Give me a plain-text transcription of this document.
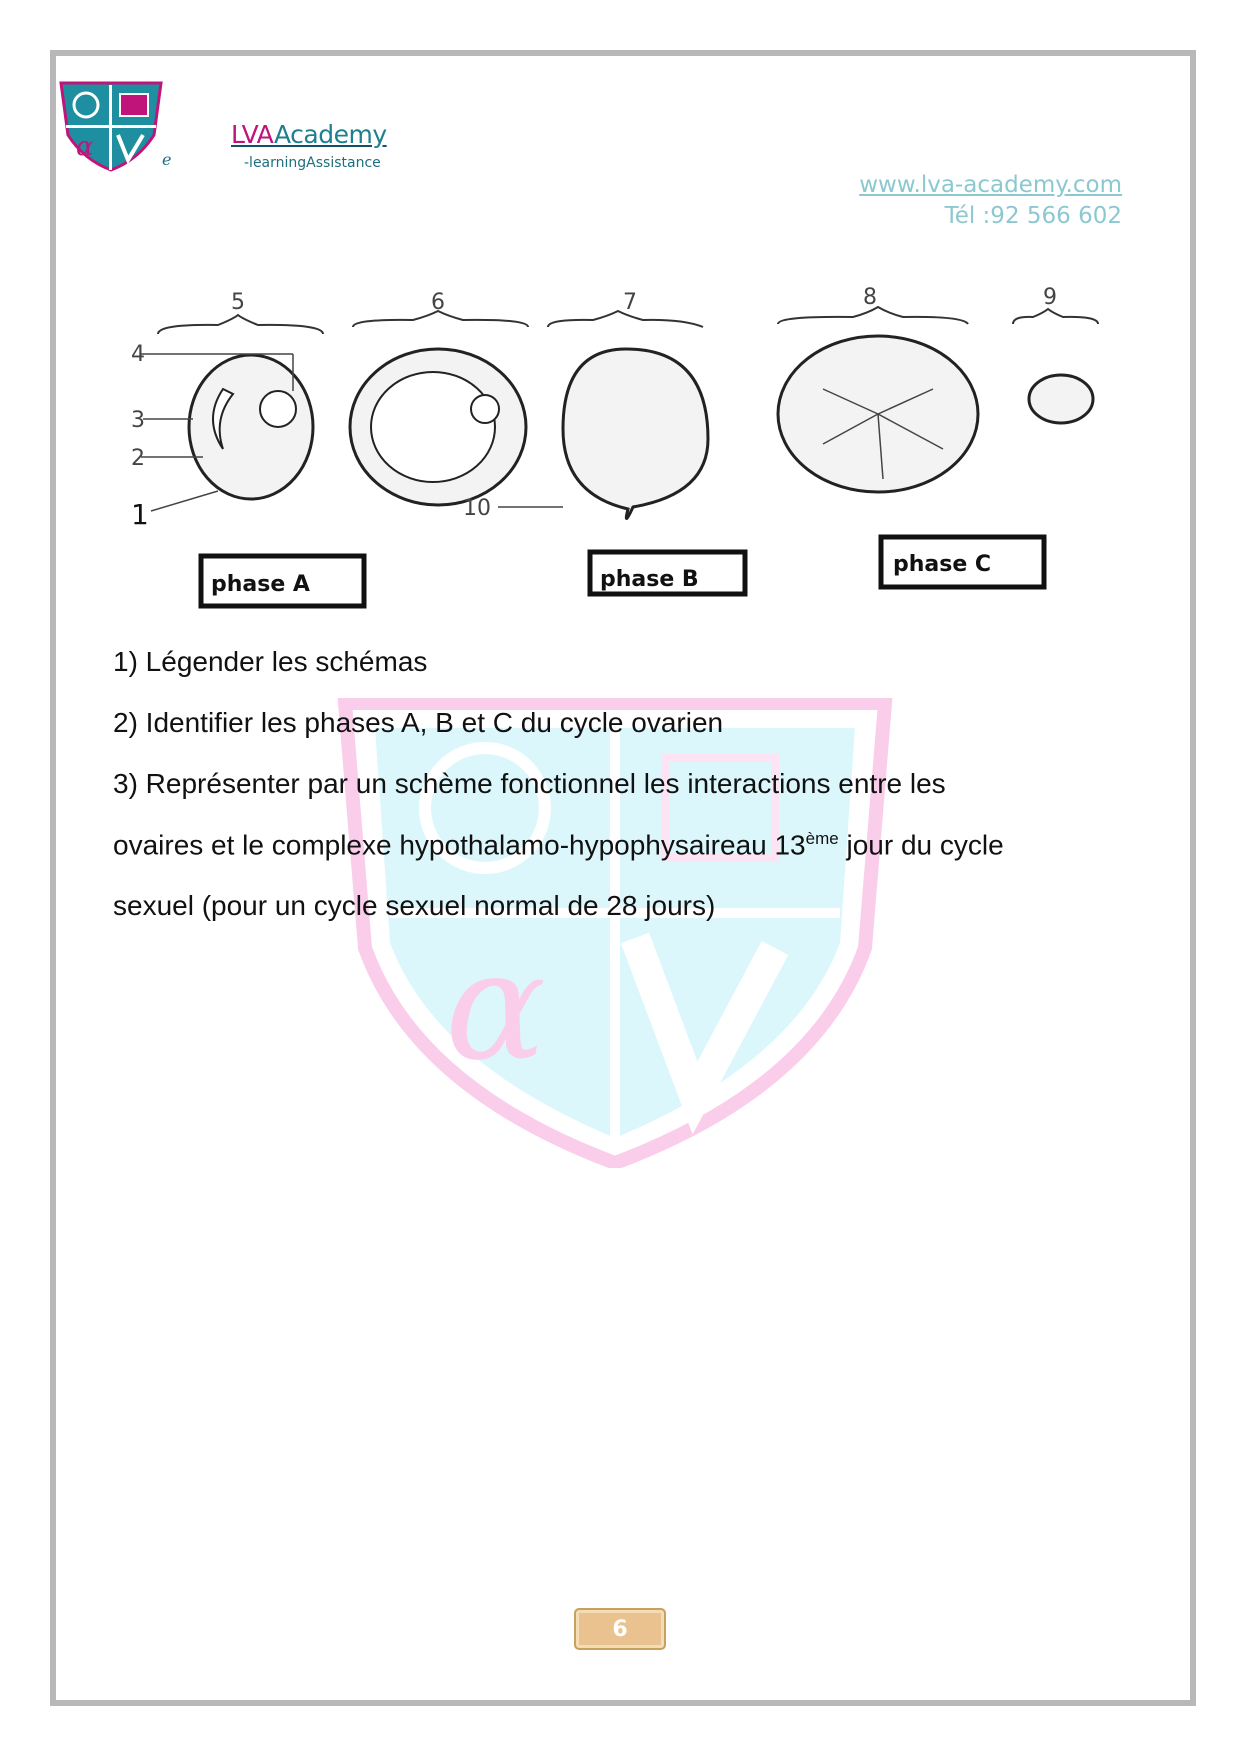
α
α	e
LVAAcademy
-learningAssistance
www.lva-academy.com
Tél :92 566 602
5	6	7	8	9
4
3
2
1	10
phase A	phase B
phase C
1) Légender les schémas
2) Identifier les phases A, B et C du cycle ovarien
3) Représenter par un schème fonctionnel les interactions entre les
ovaires et le complexe hypothalamo-hypophysaireau 13ème jour du cycle
sexuel (pour un cycle sexuel normal de 28 jours)
6
